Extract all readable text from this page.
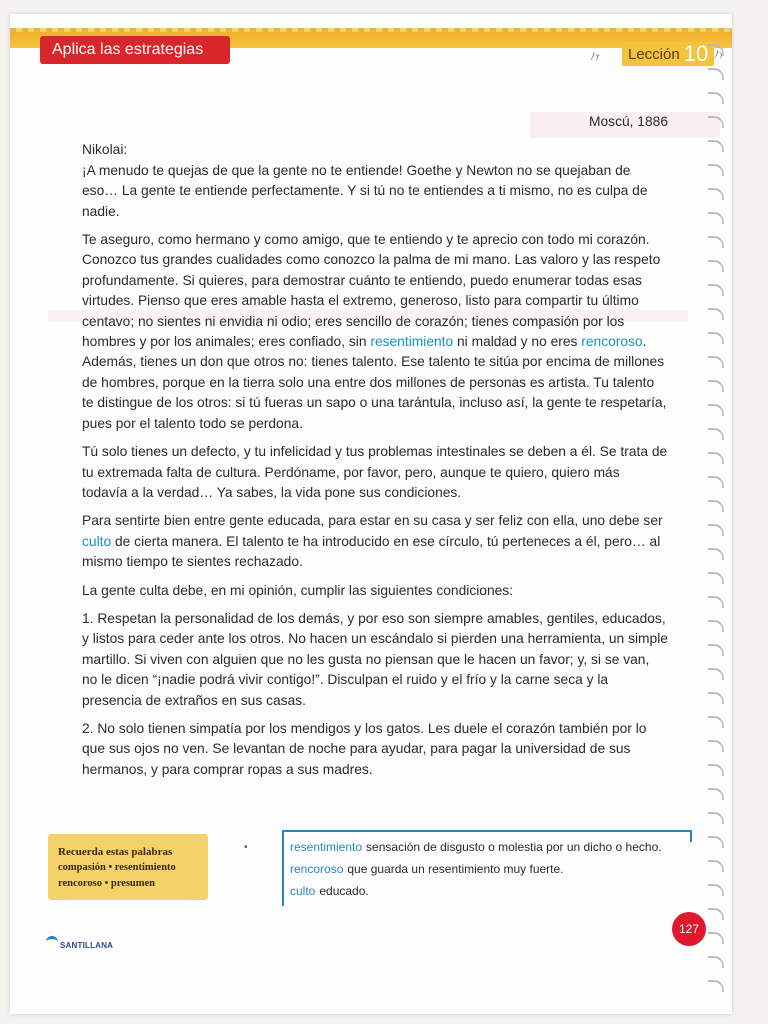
Aplica las estrategias	ﾉｧ	Lección 10 ﾉｧ

Moscú, 1886

Nikolai:

¡A menudo te quejas de que la gente no te entiende! Goethe y Newton no se quejaban de eso… La gente te entiende perfectamente. Y si tú no te entiendes a ti mismo, no es culpa de nadie.

Te aseguro, como hermano y como amigo, que te entiendo y te aprecio con todo mi corazón. Conozco tus grandes cualidades como conozco la palma de mi mano. Las valoro y las respeto profundamente. Si quieres, para demostrar cuánto te entiendo, puedo enumerar todas esas virtudes. Pienso que eres amable hasta el extremo, generoso, listo para compartir tu último centavo; no sientes ni envidia ni odio; eres sencillo de corazón; tienes compasión por los hombres y por los animales; eres confiado, sin resentimiento ni maldad y no eres rencoroso. Además, tienes un don que otros no: tienes talento. Ese talento te sitúa por encima de millones de hombres, porque en la tierra solo una entre dos millones de personas es artista. Tu talento te distingue de los otros: si tú fueras un sapo o una tarántula, incluso así, la gente te respetaría, pues por el talento todo se perdona.

Tú solo tienes un defecto, y tu infelicidad y tus problemas intestinales se deben a él. Se trata de tu extremada falta de cultura. Perdóname, por favor, pero, aunque te quiero, quiero más todavía a la verdad… Ya sabes, la vida pone sus condiciones.

Para sentirte bien entre gente educada, para estar en su casa y ser feliz con ella, uno debe ser culto de cierta manera. El talento te ha introducido en ese círculo, tú perteneces a él, pero… al mismo tiempo te sientes rechazado.

La gente culta debe, en mi opinión, cumplir las siguientes condiciones:

1. Respetan la personalidad de los demás, y por eso son siempre amables, gentiles, educados, y listos para ceder ante los otros. No hacen un escándalo si pierden una herramienta, un simple martillo. Si viven con alguien que no les gusta no piensan que le hacen un favor; y, si se van, no le dicen “¡nadie podrá vivir contigo!”. Disculpan el ruido y el frío y la carne seca y la presencia de extraños en sus casas.

2. No solo tienen simpatía por los mendigos y los gatos. Les duele el corazón también por lo que sus ojos no ven. Se levantan de noche para ayudar, para pagar la universidad de sus hermanos, y para comprar ropas a sus madres.

Recuerda estas palabras
compasión • resentimiento
rencoroso • presumen
•	resentimiento sensación de disgusto o molestia por un dicho o hecho.
rencoroso que guarda un resentimiento muy fuerte.
culto educado.
SANTILLANA
127
